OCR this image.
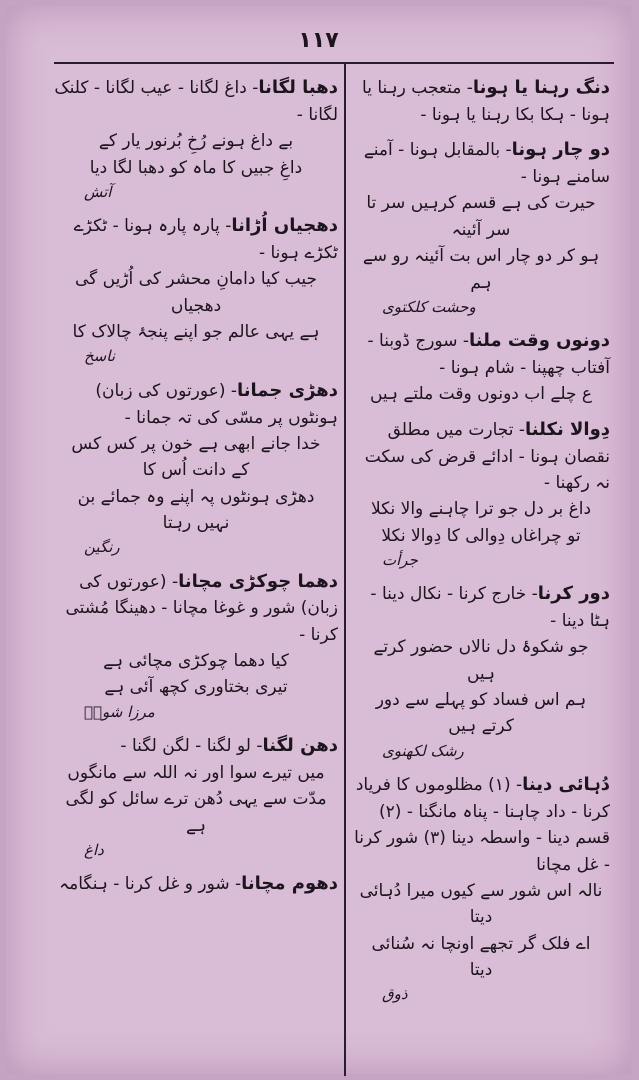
۱۱۷
دنگ رہنا یا ہونا- متعجب رہنا یا ہونا - ہکا بکا رہنا یا ہونا -
دو چار ہونا- بالمقابل ہونا - آمنے سامنے ہونا -
حیرت کی ہے قسم کرہیں سر تا سر آئینہ
ہو کر دو چار اس بت آئینہ رو سے ہم
وحشت کلکتوی
دونوں وقت ملنا- سورج ڈوبنا - آفتاب چھپنا - شام ہونا -
ع چلے اب دونوں وقت ملتے ہیں
دِوالا نکلنا- تجارت میں مطلق نقصان ہونا - ادائے قرض کی سکت نہ رکھنا -
داغ بر دل جو ترا چاہنے والا نکلا
تو چراغاں دِوالی کا دِوالا نکلا
جرأت
دور کرنا- خارج کرنا - نکال دینا - ہٹا دینا -
جو شکوۂ دل نالاں حضور کرتے ہیں
ہم اس فساد کو پہلے سے دور کرتے ہیں
رشک لکھنوی
دُہائی دینا- (۱) مظلوموں کا فریاد کرنا - داد چاہنا - پناہ مانگنا - (۲) قسم دینا - واسطہ دینا (۳) شور کرنا - غل مچانا
نالہ اس شور سے کیوں میرا دُہائی دیتا
اے فلک گر تجھے اونچا نہ سُنائی دیتا
ذوق
دھبا لگانا- داغ لگانا - عیب لگانا - کلنک لگانا -
بے داغ ہونے رُخِ بُرنور یار کے
داغِ جبیں کا ماہ کو دھبا لگا دیا
آتش
دھجیاں اُڑانا- پارہ پارہ ہونا - ٹکڑے ٹکڑے ہونا -
جیب کیا دامانِ محشر کی اُڑیں گی دھجیاں
ہے یہی عالم جو اپنے پنجۂ چالاک کا
ناسخ
دھڑی جمانا- (عورتوں کی زبان) ہونٹوں پر مسّی کی تہ جمانا -
خدا جانے ابھی ہے خون پر کس کس کے دانت اُس کا
دھڑی ہونٹوں پہ اپنے وہ جمائے بن نہیں رہتا
رنگین
دھما چوکڑی مچانا- (عورتوں کی زبان) شور و غوغا مچانا - دھینگا مُشتی کرنا -
کیا دھما چوکڑی مچائی ہے
تیری بختاوری کچھ آئی ہے
مرزا شوقؔ
دھن لگنا- لو لگنا - لگن لگنا -
میں تیرے سوا اور نہ اللہ سے مانگوں
مدّت سے یہی دُھن ترے سائل کو لگی ہے
داغ
دھوم مچانا- شور و غل کرنا - ہنگامہ
